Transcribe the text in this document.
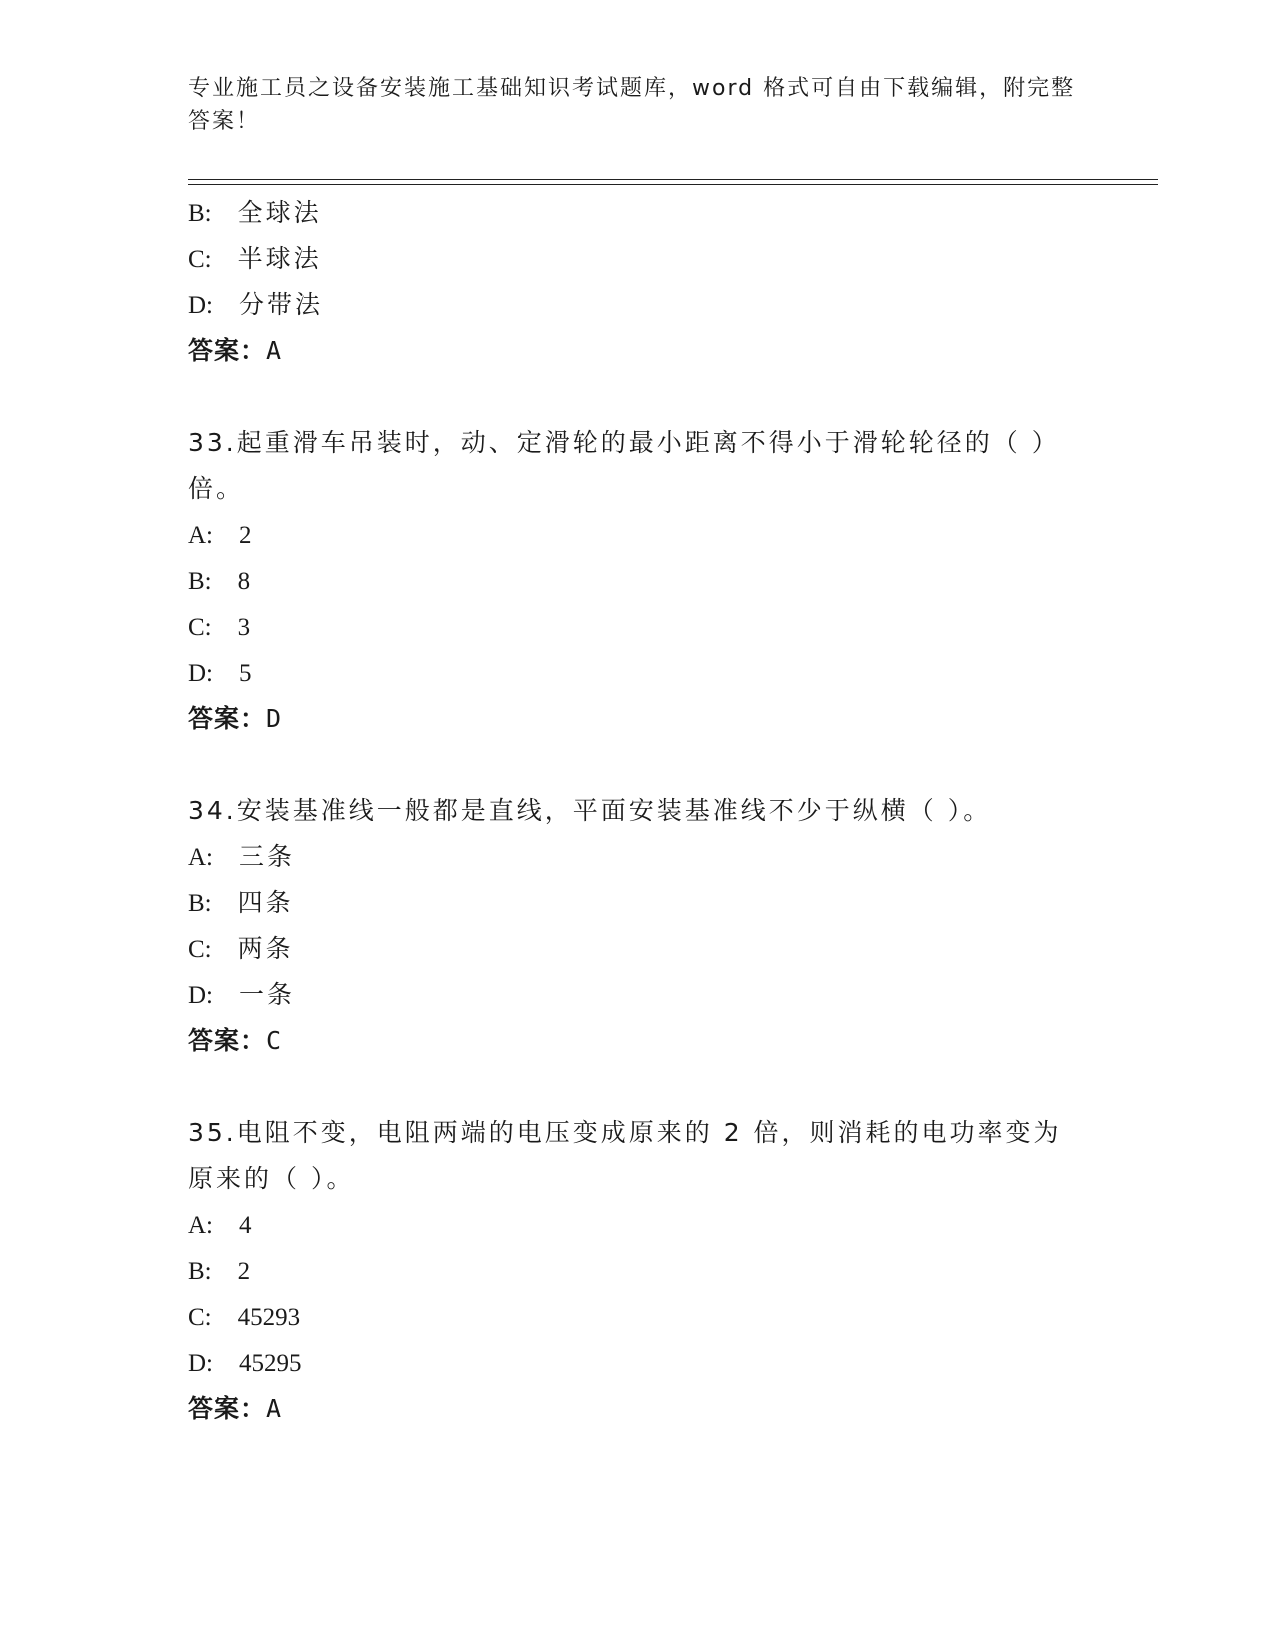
专业施工员之设备安装施工基础知识考试题库，word 格式可自由下载编辑，附完整答案！
B: 全球法
C: 半球法
D: 分带法
答案：A
33.起重滑车吊装时，动、定滑轮的最小距离不得小于滑轮轮径的（ ）倍。
A: 2
B: 8
C: 3
D: 5
答案：D
34.安装基准线一般都是直线，平面安装基准线不少于纵横（ ）。
A: 三条
B: 四条
C: 两条
D: 一条
答案：C
35.电阻不变，电阻两端的电压变成原来的 2 倍，则消耗的电功率变为原来的（ ）。
A: 4
B: 2
C: 45293
D: 45295
答案：A
